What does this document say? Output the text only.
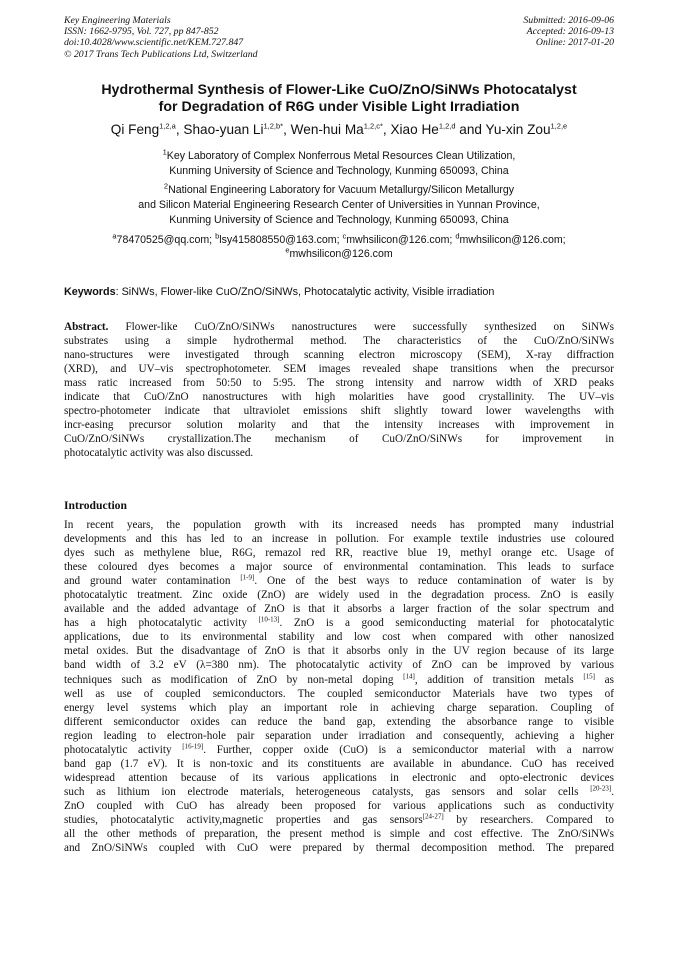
Key Engineering Materials
ISSN: 1662-9795, Vol. 727, pp 847-852
doi:10.4028/www.scientific.net/KEM.727.847
© 2017 Trans Tech Publications Ltd, Switzerland
Submitted: 2016-09-06
Accepted: 2016-09-13
Online: 2017-01-20
Hydrothermal Synthesis of Flower-Like CuO/ZnO/SiNWs Photocatalyst
for Degradation of R6G under Visible Light Irradiation
Qi Feng$^{1,2,a}$, Shao-yuan $Li^{1,2,b*}$, Wen-hui $Ma^{1,2,c*}$, Xiao He$^{1,2,d}$ and Yu-xin Zou$^{1,2,e}$
$^1$Key Laboratory of Complex Nonferrous Metal Resources Clean Utilization,
Kunming University of Science and Technology, Kunming 650093, China
$^2$National Engineering Laboratory for Vacuum Metallurgy/Silicon Metallurgy
and Silicon Material Engineering Research Center of Universities in Yunnan Province,
Kunming University of Science and Technology, Kunming 650093, China
$^a$78470525@qq.com; $^b$lsy415808550@163.com; $^c$mwhsilicon@126.com; $^d$mwhsilicon@126.com;
$^e$mwhsilicon@126.com
Keywords: SiNWs, Flower-like CuO/ZnO/SiNWs, Photocatalytic activity, Visible irradiation
Abstract. Flower-like CuO/ZnO/SiNWs nanostructures were successfully synthesized on SiNWs
substrates using a simple hydrothermal method. The characteristics of the CuO/ZnO/SiNWs
nano-structures were investigated through scanning electron microscopy (SEM), X-ray diffraction
(XRD), and UV–vis spectrophotometer. SEM images revealed shape transitions when the precursor
mass ratic increased from 50:50 to 5:95. The strong intensity and narrow width of XRD peaks
indicate that CuO/ZnO nanostructures with high molarities have good crystallinity. The UV–vis
spectro-photometer indicate that ultraviolet emissions shift slightly toward lower wavelengths with
incr-easing precursor solution molarity and that the intensity increases with improvement in
CuO/ZnO/SiNWs crystallization.The mechanism of CuO/ZnO/SiNWs for improvement in
photocatalytic activity was also discussed.
Introduction
In recent years, the population growth with its increased needs has prompted many industrial
developments and this has led to an increase in pollution. For example textile industries use coloured
dyes such as methylene blue, R6G, remazol red RR, reactive blue 19, methyl orange etc. Usage of
these coloured dyes becomes a major source of environmental contamination. This leads to surface
and ground water contamination [1-9]. One of the best ways to reduce contamination of water is by
photocatalytic treatment. Zinc oxide (ZnO) are widely used in the degradation process. ZnO is easily
available and the added advantage of ZnO is that it absorbs a larger fraction of the solar spectrum and
has a high photocatalytic activity [10-13]. ZnO is a good semiconducting material for photocatalytic
applications, due to its environmental stability and low cost when compared with other nanosized
metal oxides. But the disadvantage of ZnO is that it absorbs only in the UV region because of its large
band width of 3.2 eV (λ=380 nm). The photocatalytic activity of ZnO can be improved by various
techniques such as modification of ZnO by non-metal doping [14], addition of transition metals [15] as
well as use of coupled semiconductors. The coupled semiconductor Materials have two types of
energy level systems which play an important role in achieving charge separation. Coupling of
different semiconductor oxides can reduce the band gap, extending the absorbance range to visible
region leading to electron-hole pair separation under irradiation and consequently, achieving a higher
photocatalytic activity [16-19]. Further, copper oxide (CuO) is a semiconductor material with a narrow
band gap (1.7 eV). It is non-toxic and its constituents are available in abundance. CuO has received
widespread attention because of its various applications in electronic and opto-electronic devices
such as lithium ion electrode materials, heterogeneous catalysts, gas sensors and solar cells [20-23].
ZnO coupled with CuO has already been proposed for various applications such as conductivity
studies, photocatalytic activity,magnetic properties and gas sensors[24-27] by researchers. Compared to
all the other methods of preparation, the present method is simple and cost effective. The ZnO/SiNWs
and ZnO/SiNWs coupled with CuO were prepared by thermal decomposition method. The prepared
